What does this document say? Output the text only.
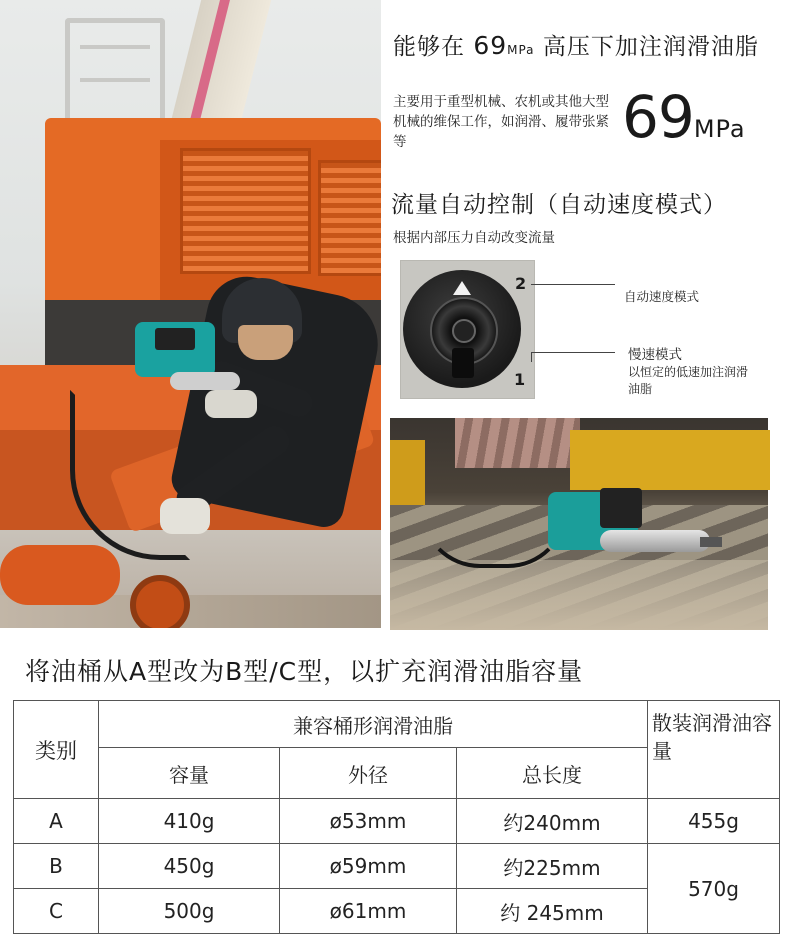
能够在 69MPa 高压下加注润滑油脂
主要用于重型机械、农机或其他大型机械的维保工作，如润滑、履带张紧等	69MPa
流量自动控制（自动速度模式）
根据内部压力自动改变流量
2
1
自动速度模式
慢速模式
以恒定的低速加注润滑油脂
将油桶从A型改为B型/C型，以扩充润滑油脂容量
类别	兼容桶形润滑油脂			散装润滑油容量
	容量	外径	总长度	
A	410g	ø53mm	约240mm	455g
B	450g	ø59mm	约225mm	570g
C	500g	ø61mm	约 245mm	
